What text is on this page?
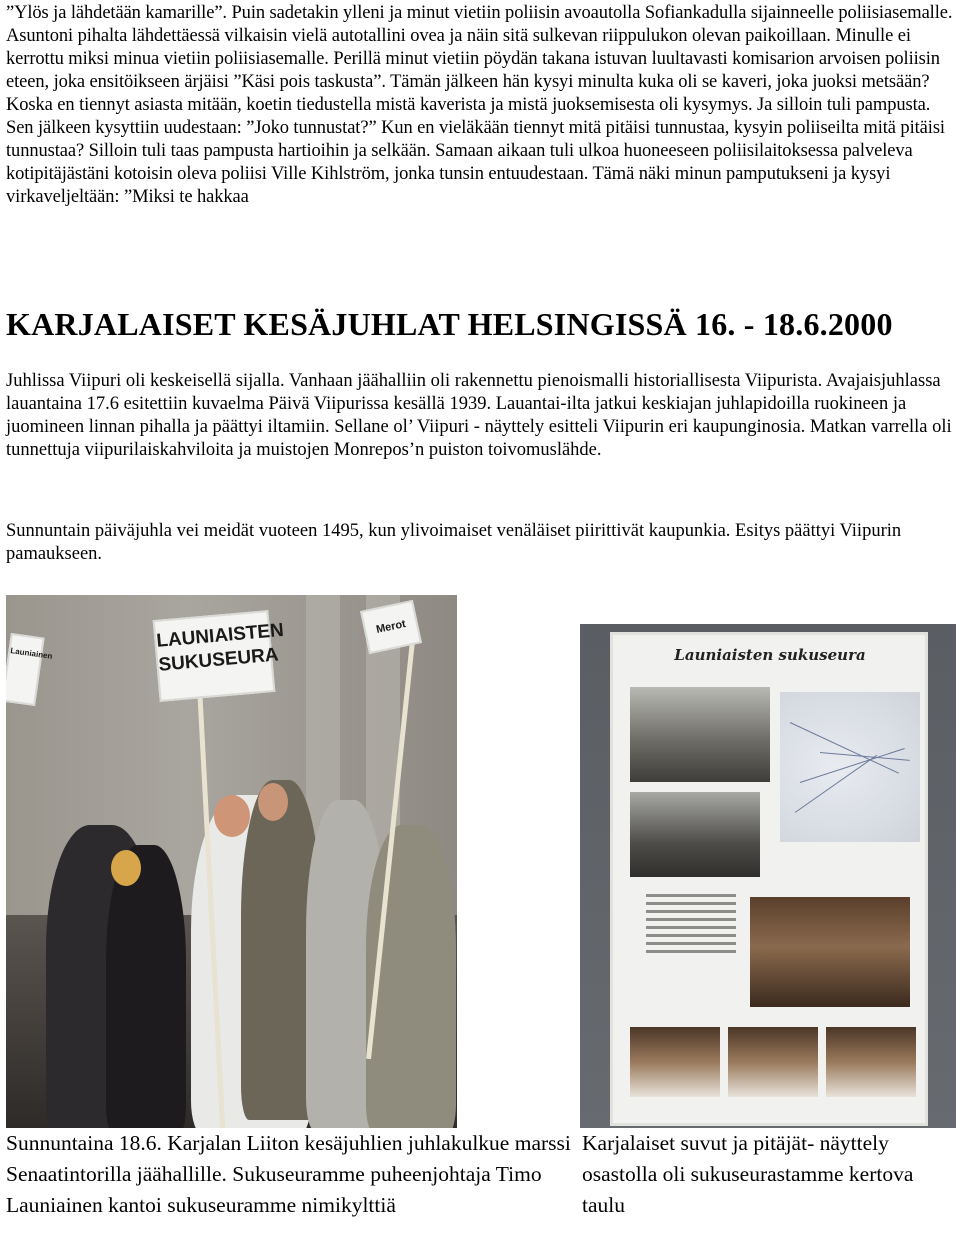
”Ylös ja lähdetään kamarille”. Puin sadetakin ylleni ja minut vietiin poliisin avoautolla Sofiankadulla sijainneelle poliisiasemalle. Asuntoni pihalta lähdettäessä vilkaisin vielä autotallini ovea ja näin sitä sulkevan riippulukon olevan paikoillaan. Minulle ei kerrottu miksi minua vietiin poliisiasemalle. Perillä minut vietiin pöydän takana istuvan luultavasti komisarion arvoisen poliisin eteen, joka ensitöikseen ärjäisi ”Käsi pois taskusta”. Tämän jälkeen hän kysyi minulta kuka oli se kaveri, joka juoksi metsään? Koska en tiennyt asiasta mitään, koetin tiedustella mistä kaverista ja mistä juoksemisesta oli kysymys. Ja silloin tuli pampusta. Sen jälkeen kysyttiin uudestaan: ”Joko tunnustat?” Kun en vieläkään tiennyt mitä pitäisi tunnustaa, kysyin poliiseilta mitä pitäisi tunnustaa? Silloin tuli taas pampusta hartioihin ja selkään. Samaan aikaan tuli ulkoa huoneeseen poliisilaitoksessa palveleva kotipitäjästäni kotoisin oleva poliisi Ville Kihlström, jonka tunsin entuudestaan. Tämä näki minun pamputukseni ja kysyi virkaveljeltään: ”Miksi te hakkaa

KARJALAISET KESÄJUHLAT HELSINGISSÄ 16. - 18.6.2000

Juhlissa Viipuri oli keskeisellä sijalla. Vanhaan jäähalliin oli rakennettu pienoismalli historiallisesta Viipurista. Avajaisjuhlassa lauantaina 17.6 esitettiin kuvaelma Päivä Viipurissa kesällä 1939. Lauantai-ilta jatkui keskiajan juhlapidoilla ruokineen ja juomineen linnan pihalla ja päättyi iltamiin. Sellane ol’ Viipuri - näyttely esitteli Viipurin eri kaupunginosia. Matkan varrella oli tunnettuja viipurilaiskahviloita ja muistojen Monrepos’n puiston toivomuslähde.

Sunnuntain päiväjuhla vei meidät vuoteen 1495, kun ylivoimaiset venäläiset piirittivät kaupunkia. Esitys päättyi Viipurin pamaukseen.

LAUNIAISTEN SUKUSEURA
Merot
Launiainen	Launiaisten sukuseura

Sunnuntaina 18.6. Karjalan Liiton kesäjuhlien juhlakulkue marssi Senaatintorilla jäähallille. Sukuseuramme puheenjohtaja Timo Launiainen kantoi sukuseuramme nimikylttiä

Karjalaiset suvut ja pitäjät- näyttely osastolla oli sukuseurastamme kertova taulu
